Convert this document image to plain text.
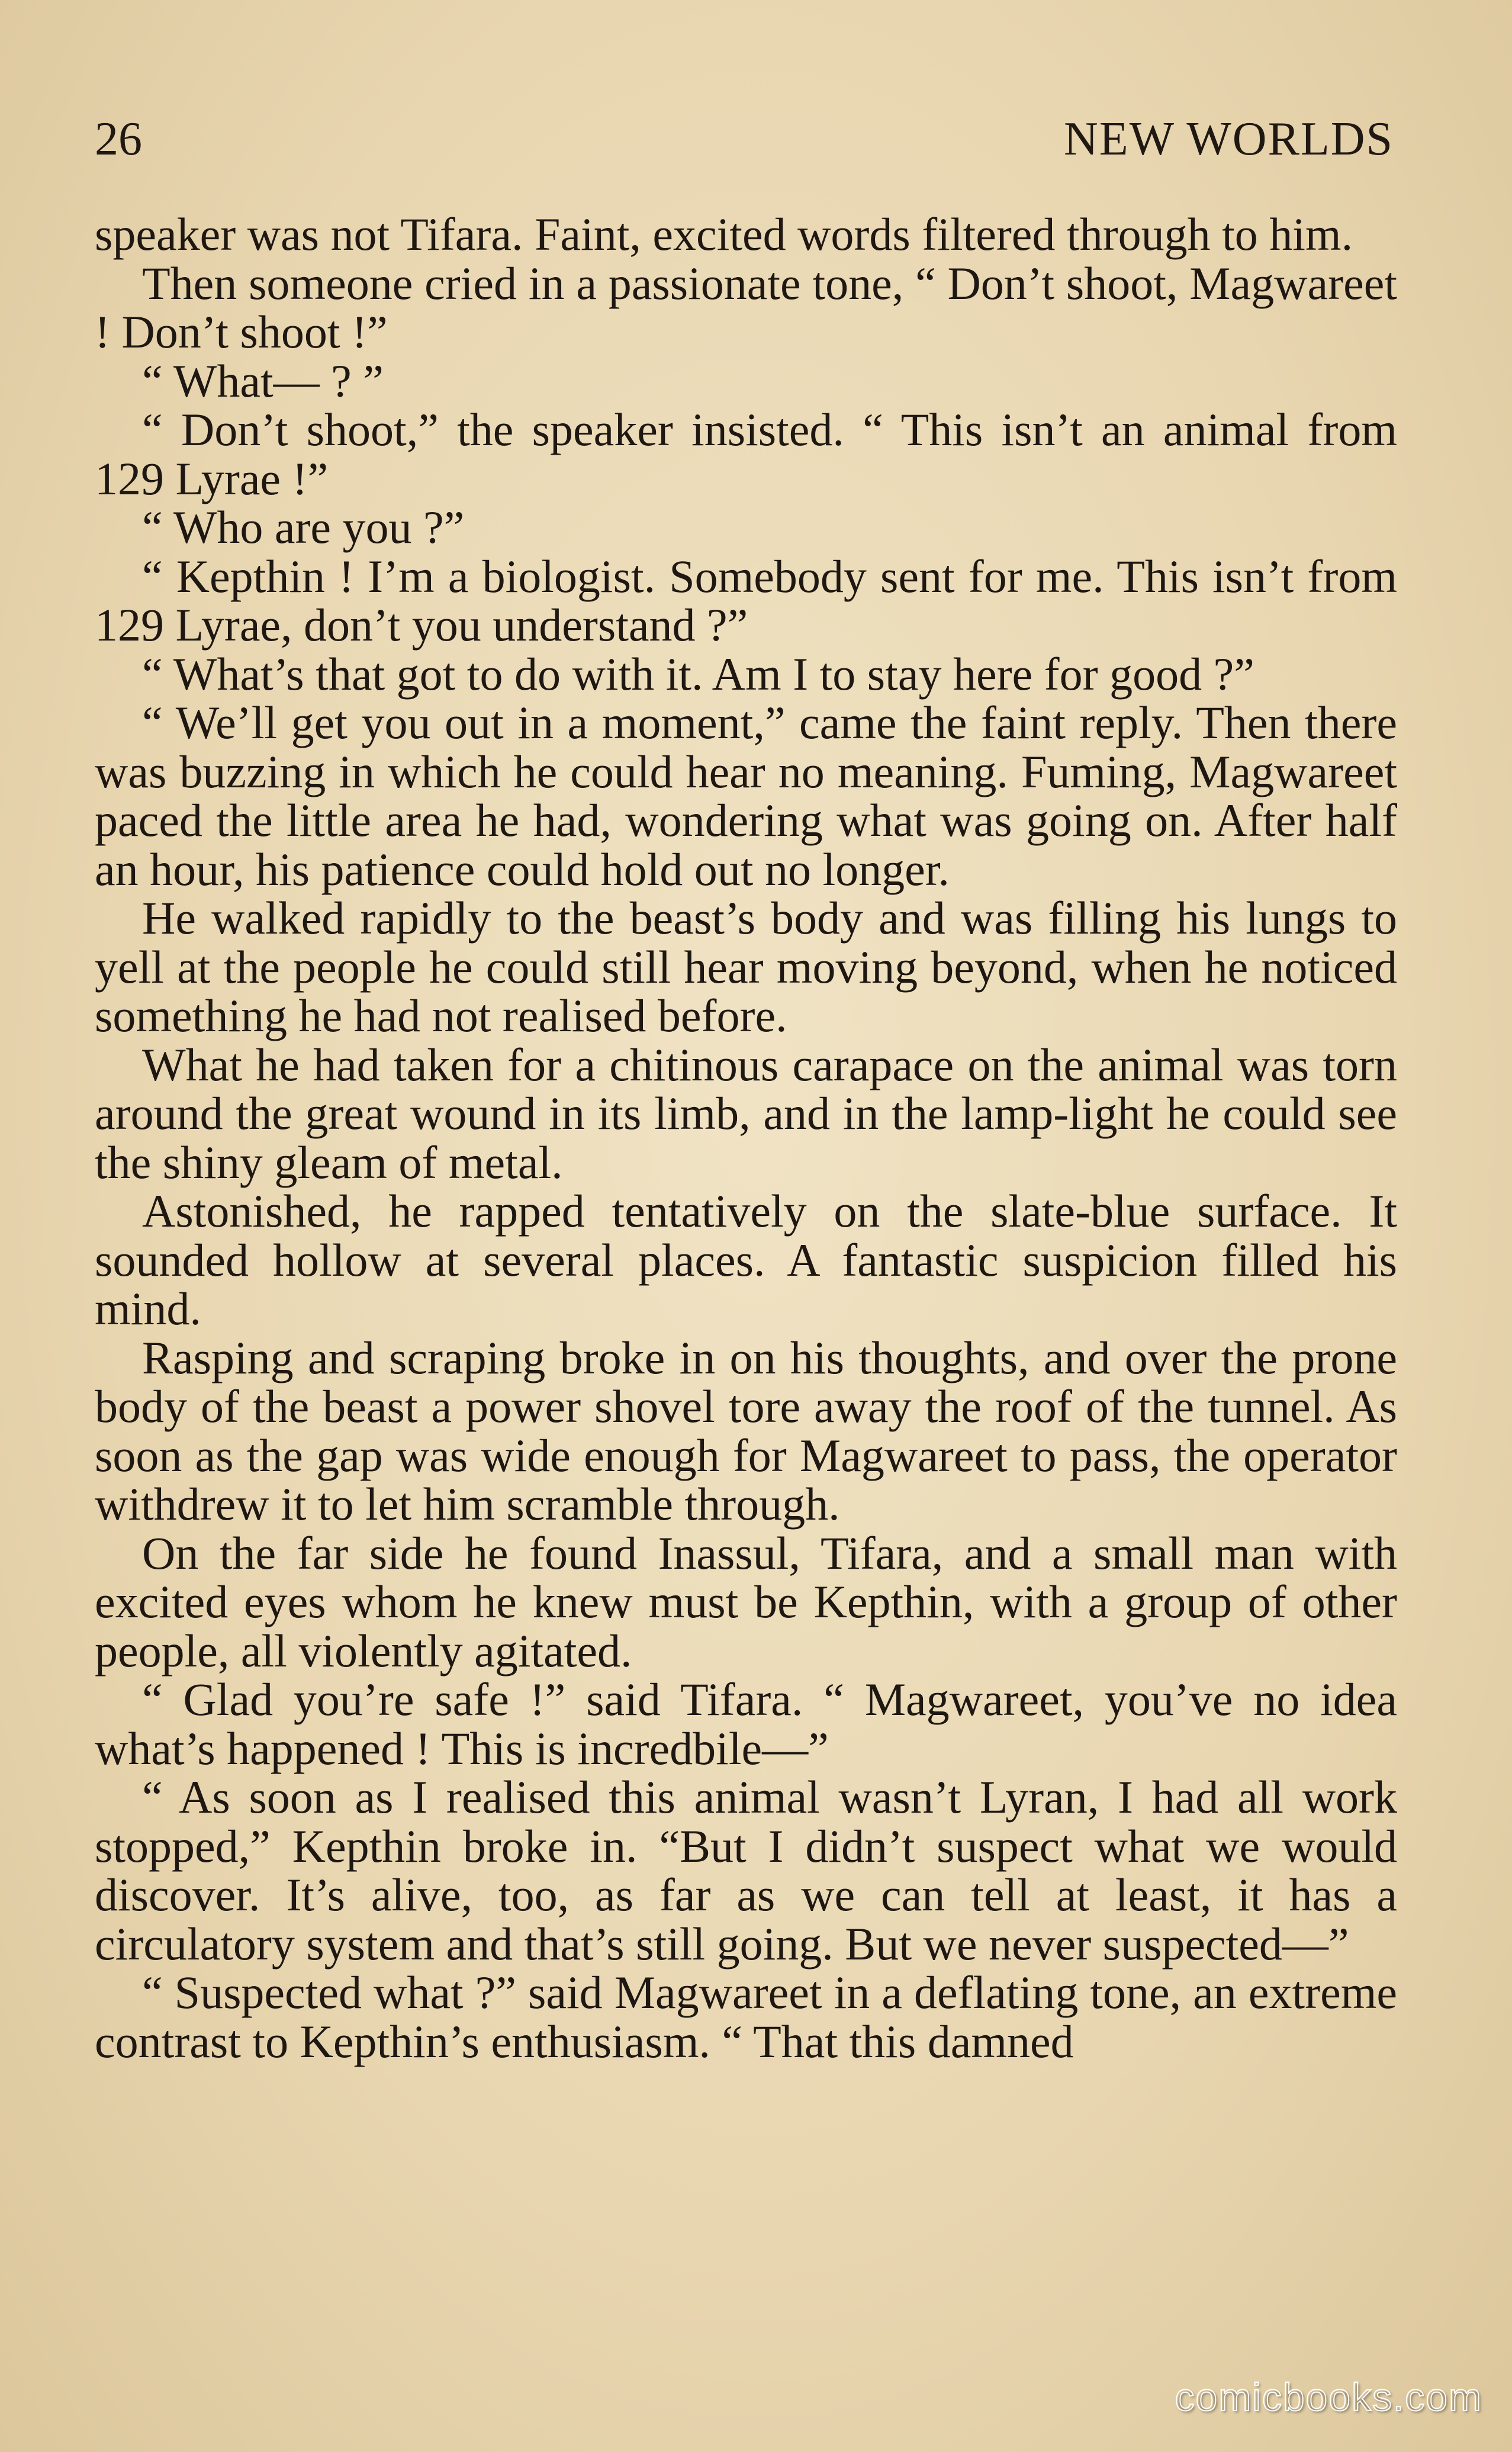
26	NEW WORLDS

speaker was not Tifara. Faint, excited words filtered through to him.

Then someone cried in a passionate tone, “ Don’t shoot, Magwareet ! Don’t shoot !”

“ What— ? ”

“ Don’t shoot,” the speaker insisted. “ This isn’t an animal from 129 Lyrae !”

“ Who are you ?”

“ Kepthin ! I’m a biologist. Somebody sent for me. This isn’t from 129 Lyrae, don’t you understand ?”

“ What’s that got to do with it. Am I to stay here for good ?”

“ We’ll get you out in a moment,” came the faint reply. Then there was buzzing in which he could hear no meaning. Fuming, Magwareet paced the little area he had, wondering what was going on. After half an hour, his patience could hold out no longer.

He walked rapidly to the beast’s body and was filling his lungs to yell at the people he could still hear moving beyond, when he noticed something he had not realised before.

What he had taken for a chitinous carapace on the animal was torn around the great wound in its limb, and in the lamp-light he could see the shiny gleam of metal.

Astonished, he rapped tentatively on the slate-blue surface. It sounded hollow at several places. A fantastic suspicion filled his mind.

Rasping and scraping broke in on his thoughts, and over the prone body of the beast a power shovel tore away the roof of the tunnel. As soon as the gap was wide enough for Magwareet to pass, the operator withdrew it to let him scramble through.

On the far side he found Inassul, Tifara, and a small man with excited eyes whom he knew must be Kepthin, with a group of other people, all violently agitated.

“ Glad you’re safe !” said Tifara. “ Magwareet, you’ve no idea what’s happened ! This is incredbile—”

“ As soon as I realised this animal wasn’t Lyran, I had all work stopped,” Kepthin broke in. “But I didn’t suspect what we would discover. It’s alive, too, as far as we can tell at least, it has a circulatory system and that’s still going. But we never suspected—”

“ Suspected what ?” said Magwareet in a deflating tone, an extreme contrast to Kepthin’s enthusiasm. “ That this damned

comicbooks.com
